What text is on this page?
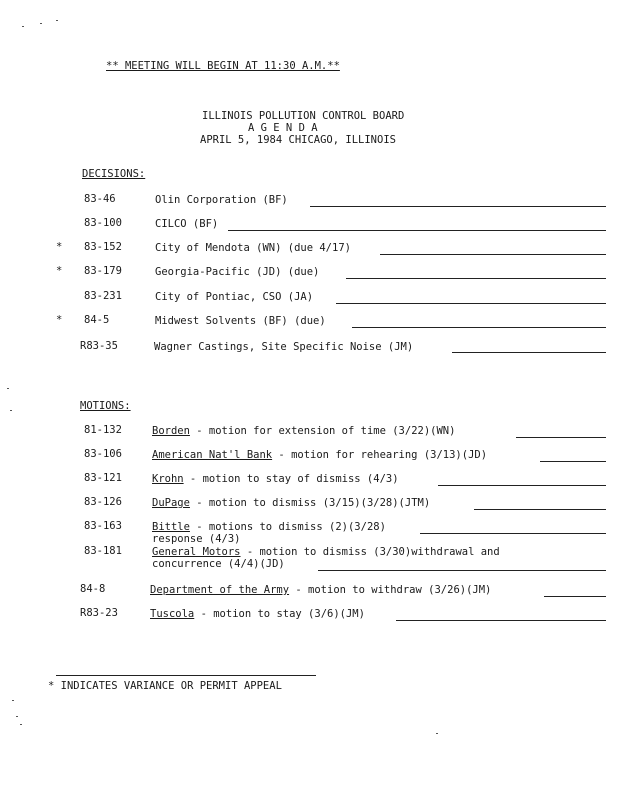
** MEETING WILL BEGIN AT 11:30 A.M.**
ILLINOIS POLLUTION CONTROL BOARD
A G E N D A
APRIL 5, 1984 CHICAGO, ILLINOIS
DECISIONS:
83-46	Olin Corporation (BF)
83-100	CILCO (BF)
* 83-152	City of Mendota (WN) (due 4/17)
* 83-179	Georgia-Pacific (JD) (due)
83-231	City of Pontiac, CSO (JA)
* 84-5	Midwest Solvents (BF) (due)
R83-35	Wagner Castings, Site Specific Noise (JM)
MOTIONS:
81-132	Borden - motion for extension of time (3/22)(WN)
83-106	American Nat'l Bank - motion for rehearing (3/13)(JD)
83-121	Krohn - motion to stay of dismiss (4/3)
83-126	DuPage - motion to dismiss (3/15)(3/28)(JTM)
83-163	Bittle - motions to dismiss (2)(3/28)
response (4/3)
83-181	General Motors - motion to dismiss (3/30)withdrawal and
concurrence (4/4)(JD)
84-8	Department of the Army - motion to withdraw (3/26)(JM)
R83-23	Tuscola - motion to stay (3/6)(JM)
* INDICATES VARIANCE OR PERMIT APPEAL
